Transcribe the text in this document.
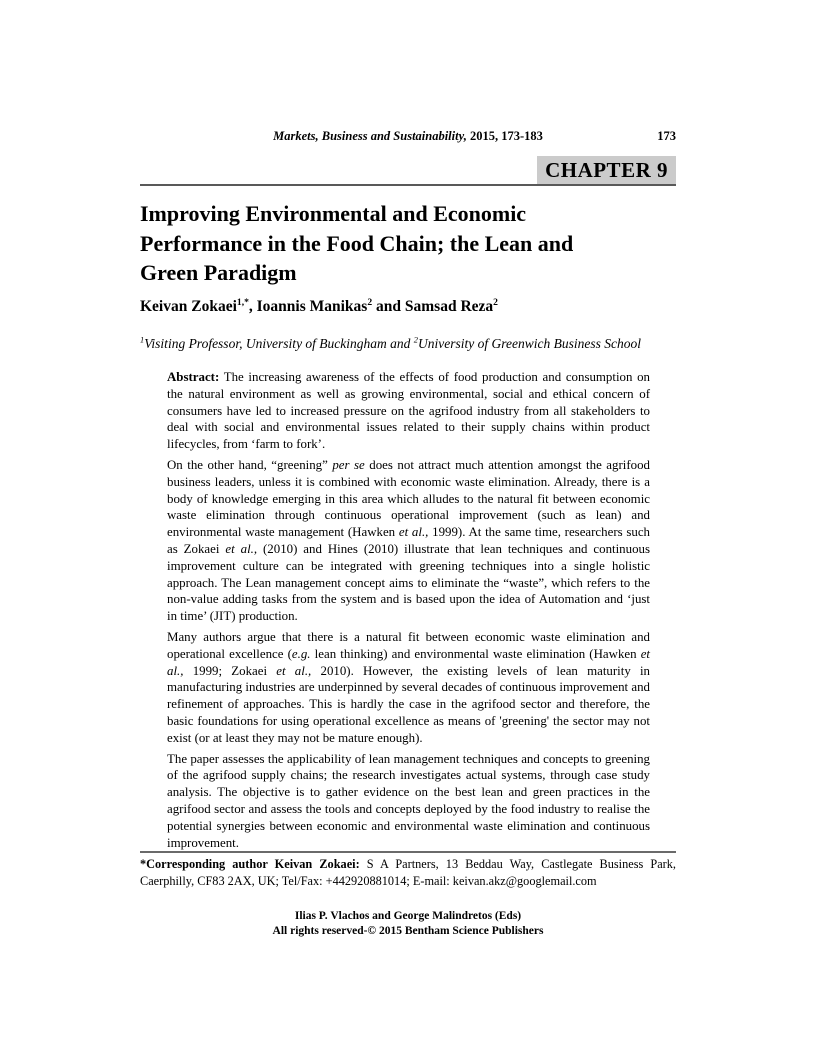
Markets, Business and Sustainability, 2015, 173-183	173
CHAPTER 9
Improving Environmental and Economic
Performance in the Food Chain; the Lean and
Green Paradigm
Keivan Zokaei$^{1,*}$, Ioannis Manikas$^2$ and Samsad Reza$^2$
$^1$Visiting Professor, University of Buckingham and $^2$University of Greenwich Business School

Abstract: The increasing awareness of the effects of food production and consumption on the natural environment as well as growing environmental, social and ethical concern of consumers have led to increased pressure on the agrifood industry from all stakeholders to deal with social and environmental issues related to their supply chains within product lifecycles, from ‘farm to fork’.

On the other hand, “greening” per se does not attract much attention amongst the agrifood business leaders, unless it is combined with economic waste elimination. Already, there is a body of knowledge emerging in this area which alludes to the natural fit between economic waste elimination through continuous operational improvement (such as lean) and environmental waste management (Hawken et al., 1999). At the same time, researchers such as Zokaei et al., (2010) and Hines (2010) illustrate that lean techniques and continuous improvement culture can be integrated with greening techniques into a single holistic approach. The Lean management concept aims to eliminate the “waste”, which refers to the non-value adding tasks from the system and is based upon the idea of Automation and ‘just in time’ (JIT) production.

Many authors argue that there is a natural fit between economic waste elimination and operational excellence (e.g. lean thinking) and environmental waste elimination (Hawken et al., 1999; Zokaei et al., 2010). However, the existing levels of lean maturity in manufacturing industries are underpinned by several decades of continuous improvement and refinement of approaches. This is hardly the case in the agrifood sector and therefore, the basic foundations for using operational excellence as means of 'greening' the sector may not exist (or at least they may not be mature enough).

The paper assesses the applicability of lean management techniques and concepts to greening of the agrifood supply chains; the research investigates actual systems, through case study analysis. The objective is to gather evidence on the best lean and green practices in the agrifood sector and assess the tools and concepts deployed by the food industry to realise the potential synergies between economic and environmental waste elimination and continuous improvement.

*Corresponding author Keivan Zokaei: S A Partners, 13 Beddau Way, Castlegate Business Park, Caerphilly, CF83 2AX, UK; Tel/Fax: +442920881014; E-mail: keivan.akz@googlemail.com
Ilias P. Vlachos and George Malindretos (Eds)
All rights reserved-© 2015 Bentham Science Publishers
